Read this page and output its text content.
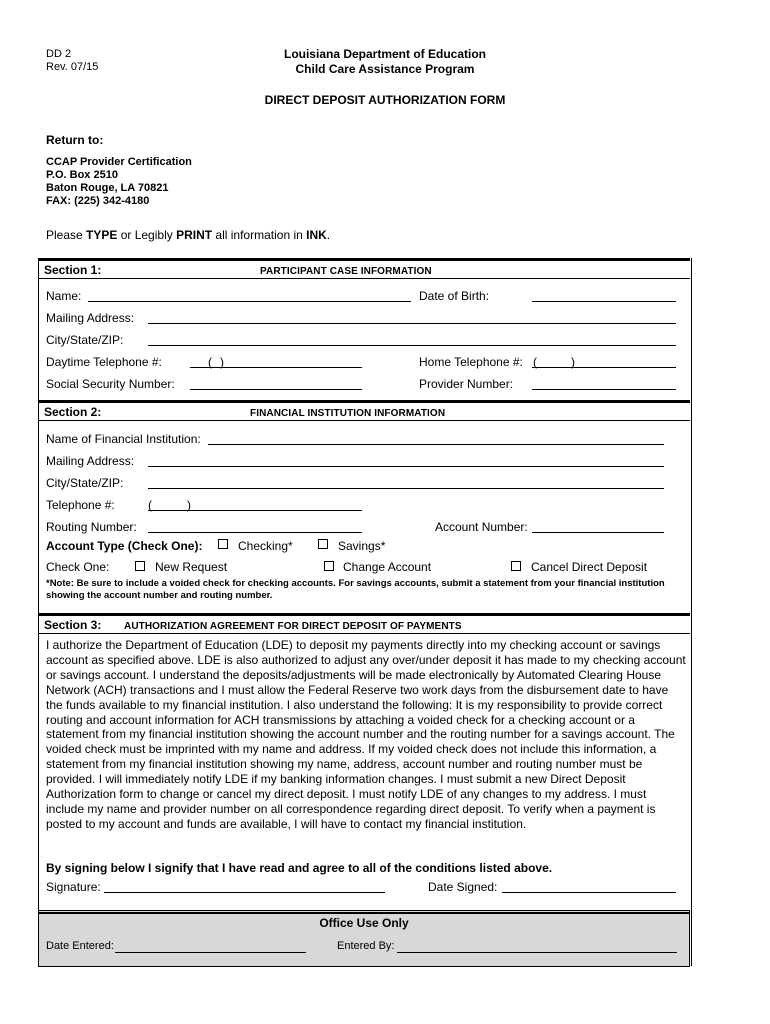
DD 2
Rev. 07/15
Louisiana Department of Education
Child Care Assistance Program
DIRECT DEPOSIT AUTHORIZATION FORM
Return to:
CCAP Provider Certification
P.O. Box 2510
Baton Rouge, LA 70821
FAX: (225) 342-4180
Please TYPE or Legibly PRINT all information in INK.
Section 1:	PARTICIPANT CASE INFORMATION
Name:	Date of Birth:
Mailing Address:
City/State/ZIP:
Daytime Telephone #:	( )	Home Telephone #: (	)
Social Security Number:	Provider Number:
Section 2:	FINANCIAL INSTITUTION INFORMATION
Name of Financial Institution:
Mailing Address:
City/State/ZIP:
Telephone #:	(	)
Routing Number:	Account Number:
Account Type (Check One):	Checking*	Savings*
Check One:	New Request	Change Account	Cancel Direct Deposit
*Note: Be sure to include a voided check for checking accounts. For savings accounts, submit a statement from your financial institution showing the account number and routing number.
Section 3: AUTHORIZATION AGREEMENT FOR DIRECT DEPOSIT OF PAYMENTS
I authorize the Department of Education (LDE) to deposit my payments directly into my checking account or savings account as specified above. LDE is also authorized to adjust any over/under deposit it has made to my checking account or savings account. I understand the deposits/adjustments will be made electronically by Automated Clearing House Network (ACH) transactions and I must allow the Federal Reserve two work days from the disbursement date to have the funds available to my financial institution. I also understand the following: It is my responsibility to provide correct routing and account information for ACH transmissions by attaching a voided check for a checking account or a statement from my financial institution showing the account number and the routing number for a savings account. The voided check must be imprinted with my name and address. If my voided check does not include this information, a statement from my financial institution showing my name, address, account number and routing number must be provided. I will immediately notify LDE if my banking information changes. I must submit a new Direct Deposit Authorization form to change or cancel my direct deposit. I must notify LDE of any changes to my address. I must include my name and provider number on all correspondence regarding direct deposit. To verify when a payment is posted to my account and funds are available, I will have to contact my financial institution.
By signing below I signify that I have read and agree to all of the conditions listed above.
Signature:	Date Signed:
Office Use Only
Date Entered:	Entered By:
